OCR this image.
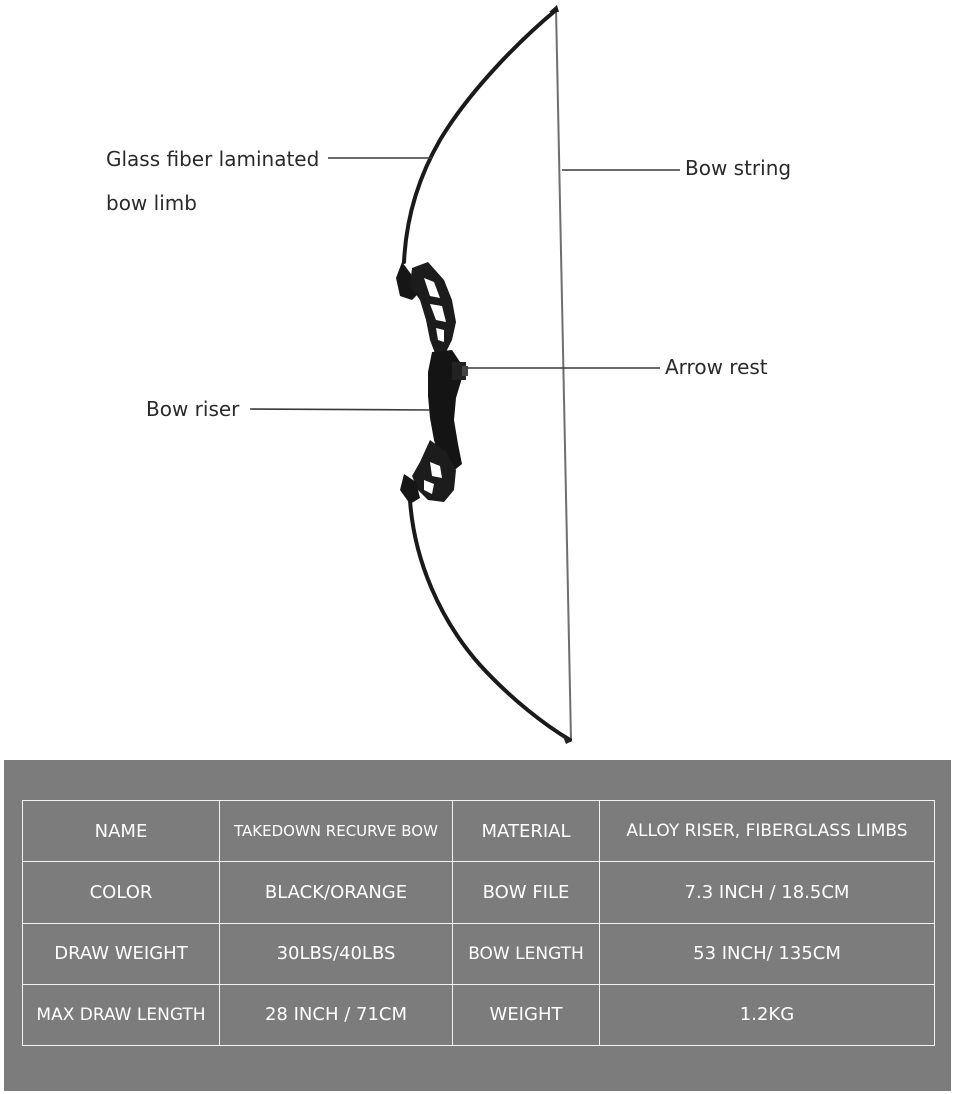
Glass fiber laminated bow limb
Bow string
Arrow rest
Bow riser
NAME	TAKEDOWN RECURVE BOW	MATERIAL	ALLOY RISER, FIBERGLASS LIMBS
COLOR	BLACK/ORANGE	BOW FILE	7.3 INCH / 18.5CM
DRAW WEIGHT	30LBS/40LBS	BOW LENGTH	53 INCH/ 135CM
MAX DRAW LENGTH	28 INCH / 71CM	WEIGHT	1.2KG
